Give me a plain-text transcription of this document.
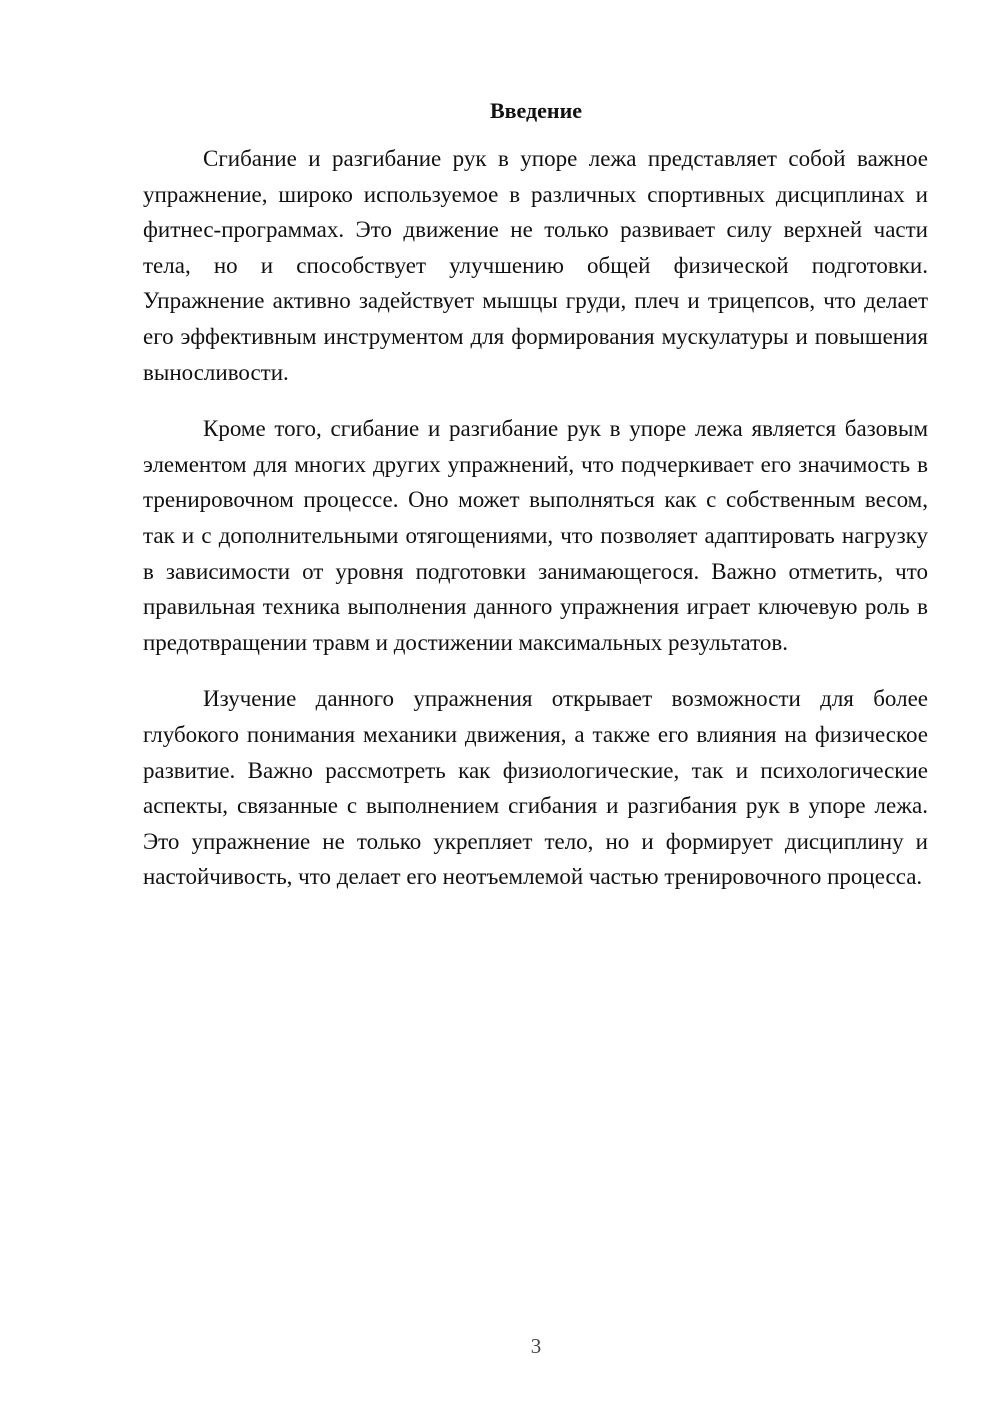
Введение

Сгибание и разгибание рук в упоре лежа представляет собой важное упражнение, широко используемое в различных спортивных дисциплинах и фитнес-программах. Это движение не только развивает силу верхней части тела, но и способствует улучшению общей физической подготовки. Упражнение активно задействует мышцы груди, плеч и трицепсов, что делает его эффективным инструментом для формирования мускулатуры и повышения выносливости.

Кроме того, сгибание и разгибание рук в упоре лежа является базовым элементом для многих других упражнений, что подчеркивает его значимость в тренировочном процессе. Оно может выполняться как с собственным весом, так и с дополнительными отягощениями, что позволяет адаптировать нагрузку в зависимости от уровня подготовки занимающегося. Важно отметить, что правильная техника выполнения данного упражнения играет ключевую роль в предотвращении травм и достижении максимальных результатов.

Изучение данного упражнения открывает возможности для более глубокого понимания механики движения, а также его влияния на физическое развитие. Важно рассмотреть как физиологические, так и психологические аспекты, связанные с выполнением сгибания и разгибания рук в упоре лежа. Это упражнение не только укрепляет тело, но и формирует дисциплину и настойчивость, что делает его неотъемлемой частью тренировочного процесса.

3
